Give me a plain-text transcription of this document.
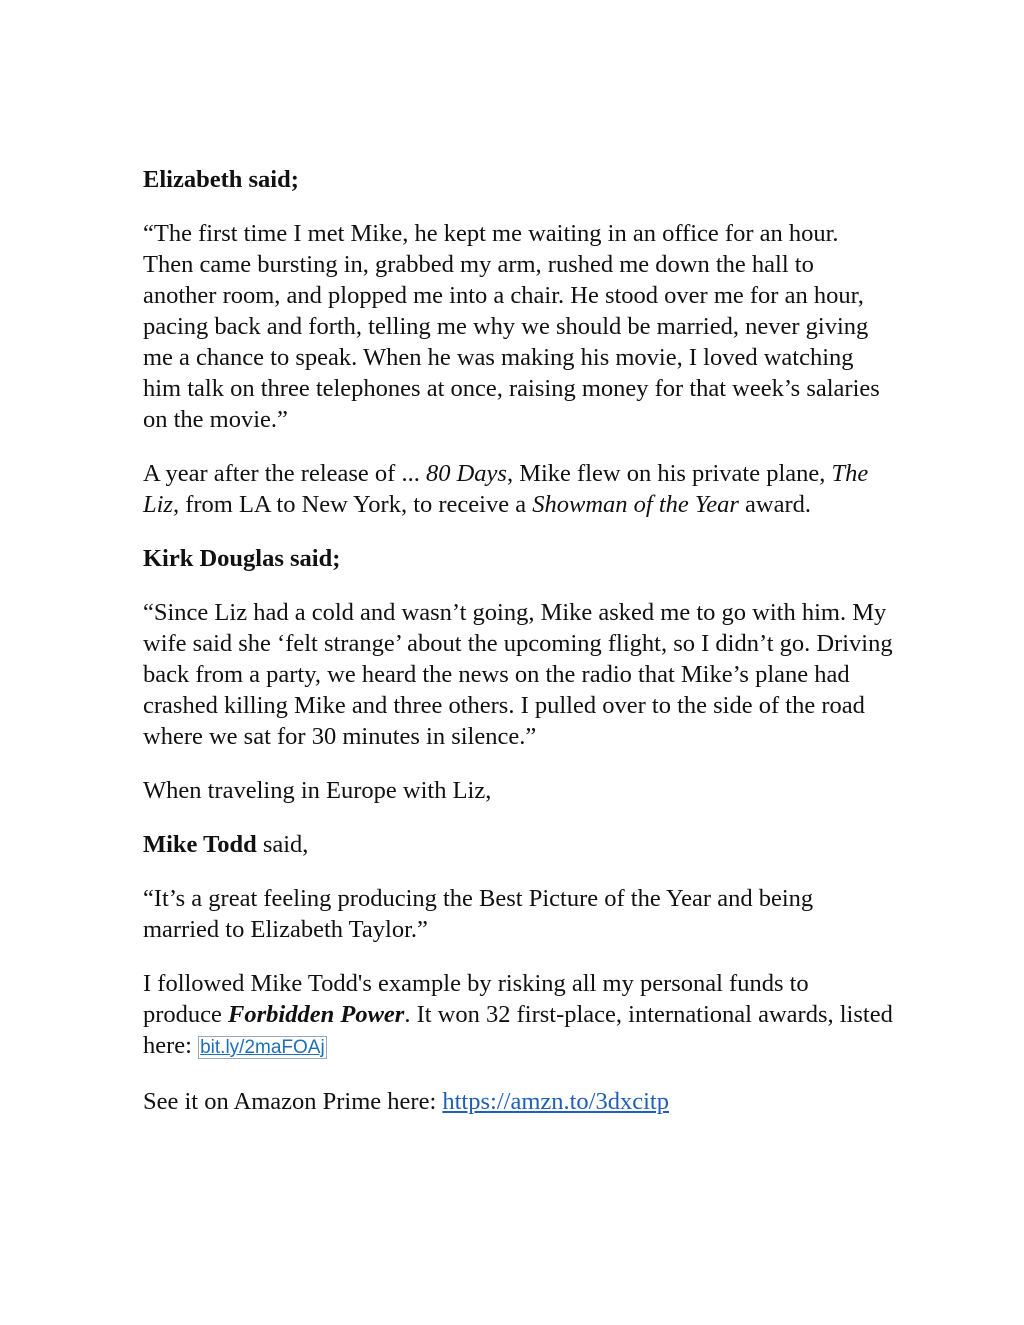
Elizabeth said;

“The first time I met Mike, he kept me waiting in an office for an hour. Then came bursting in, grabbed my arm, rushed me down the hall to another room, and plopped me into a chair. He stood over me for an hour, pacing back and forth, telling me why we should be married, never giving me a chance to speak. When he was making his movie, I loved watching him talk on three telephones at once, raising money for that week’s salaries on the movie.”

A year after the release of ... 80 Days, Mike flew on his private plane, The Liz, from LA to New York, to receive a Showman of the Year award.

Kirk Douglas said;

“Since Liz had a cold and wasn’t going, Mike asked me to go with him. My wife said she ‘felt strange’ about the upcoming flight, so I didn’t go. Driving back from a party, we heard the news on the radio that Mike’s plane had crashed killing Mike and three others. I pulled over to the side of the road where we sat for 30 minutes in silence.”

When traveling in Europe with Liz,

Mike Todd said,

“It’s a great feeling producing the Best Picture of the Year and being married to Elizabeth Taylor.”

I followed Mike Todd's example by risking all my personal funds to produce Forbidden Power. It won 32 first-place, international awards, listed here: bit.ly/2maFOAj

See it on Amazon Prime here: https://amzn.to/3dxcitp
